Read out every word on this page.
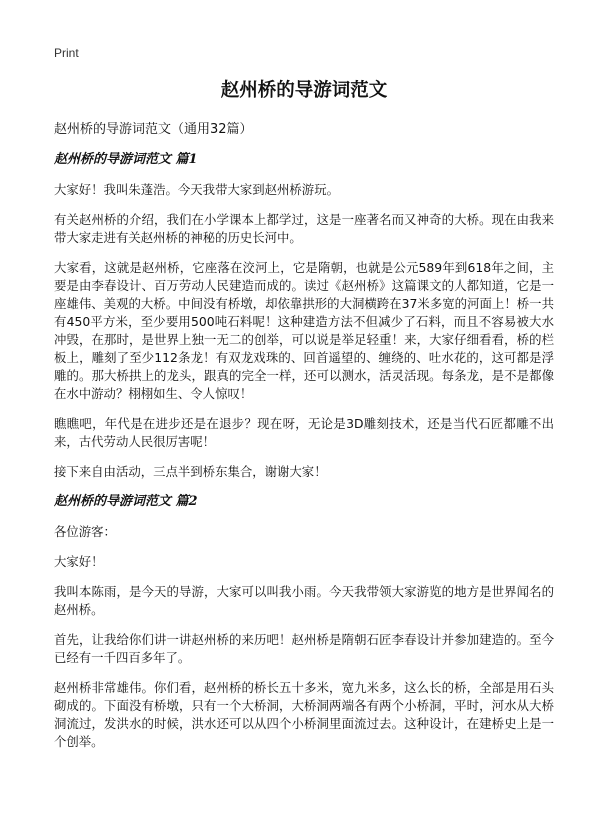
Print
赵州桥的导游词范文

赵州桥的导游词范文（通用32篇）

赵州桥的导游词范文 篇1

大家好！我叫朱蓬浩。今天我带大家到赵州桥游玩。

有关赵州桥的介绍，我们在小学课本上都学过，这是一座著名而又神奇的大桥。现在由我来带大家走进有关赵州桥的神秘的历史长河中。

大家看，这就是赵州桥，它座落在洨河上，它是隋朝，也就是公元589年到618年之间，主要是由李春设计、百万劳动人民建造而成的。读过《赵州桥》这篇课文的人都知道，它是一座雄伟、美观的大桥。中间没有桥墩，却依靠拱形的大洞横跨在37米多宽的河面上！桥一共有450平方米，至少要用500吨石料呢！这种建造方法不但减少了石料，而且不容易被大水冲毁，在那时，是世界上独一无二的创举，可以说是举足轻重！来，大家仔细看看，桥的栏板上，雕刻了至少112条龙！有双龙戏珠的、回首遥望的、缠绕的、吐水花的，这可都是浮雕的。那大桥拱上的龙头，跟真的完全一样，还可以测水，活灵活现。每条龙，是不是都像在水中游动？栩栩如生、令人惊叹！

瞧瞧吧，年代是在进步还是在退步？现在呀，无论是3D雕刻技术，还是当代石匠都雕不出来，古代劳动人民很厉害呢！

接下来自由活动，三点半到桥东集合，谢谢大家！

赵州桥的导游词范文 篇2

各位游客：

大家好！

我叫本陈雨，是今天的导游，大家可以叫我小雨。今天我带领大家游览的地方是世界闻名的赵州桥。

首先，让我给你们讲一讲赵州桥的来历吧！赵州桥是隋朝石匠李春设计并参加建造的。至今已经有一千四百多年了。

赵州桥非常雄伟。你们看，赵州桥的桥长五十多米，宽九米多，这么长的桥，全部是用石头砌成的。下面没有桥墩，只有一个大桥洞，大桥洞两端各有两个小桥洞，平时，河水从大桥洞流过，发洪水的时候，洪水还可以从四个小桥洞里面流过去。这种设计，在建桥史上是一个创举。
